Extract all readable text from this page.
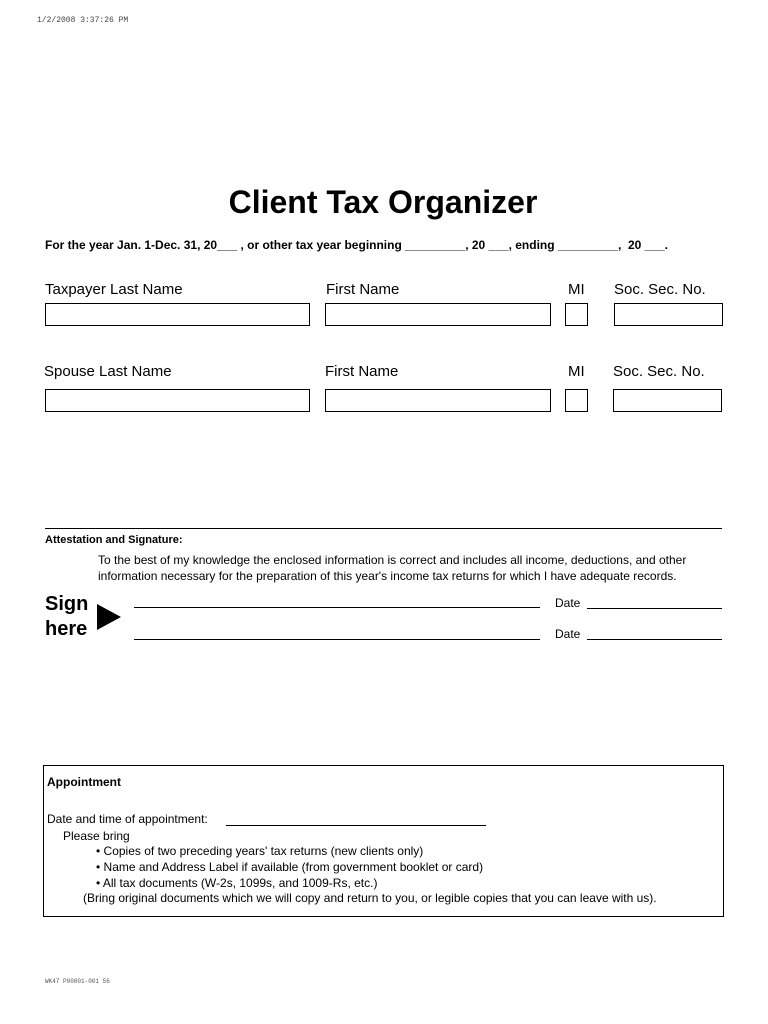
1/2/2008 3:37:26 PM
Client Tax Organizer
For the year Jan. 1-Dec. 31, 20___ , or other tax year beginning _________, 20 ___, ending _________,  20 ___.
Taxpayer Last Name	First Name	MI Soc. Sec. No.
Spouse Last Name	First Name	MI Soc. Sec. No.
Attestation and Signature:
To the best of my knowledge the enclosed information is correct and includes all income, deductions, and other information necessary for the preparation of this year's income tax returns for which I have adequate records.
Sign
here
Date
Date
Appointment
Date and time of appointment:
Please bring
• Copies of two preceding years' tax returns (new clients only)
• Name and Address Label if available (from government booklet or card)
• All tax documents (W-2s, 1099s, and 1009-Rs, etc.)
(Bring original documents which we will copy and return to you, or legible copies that you can leave with us).
WK47 P00001-001 56
